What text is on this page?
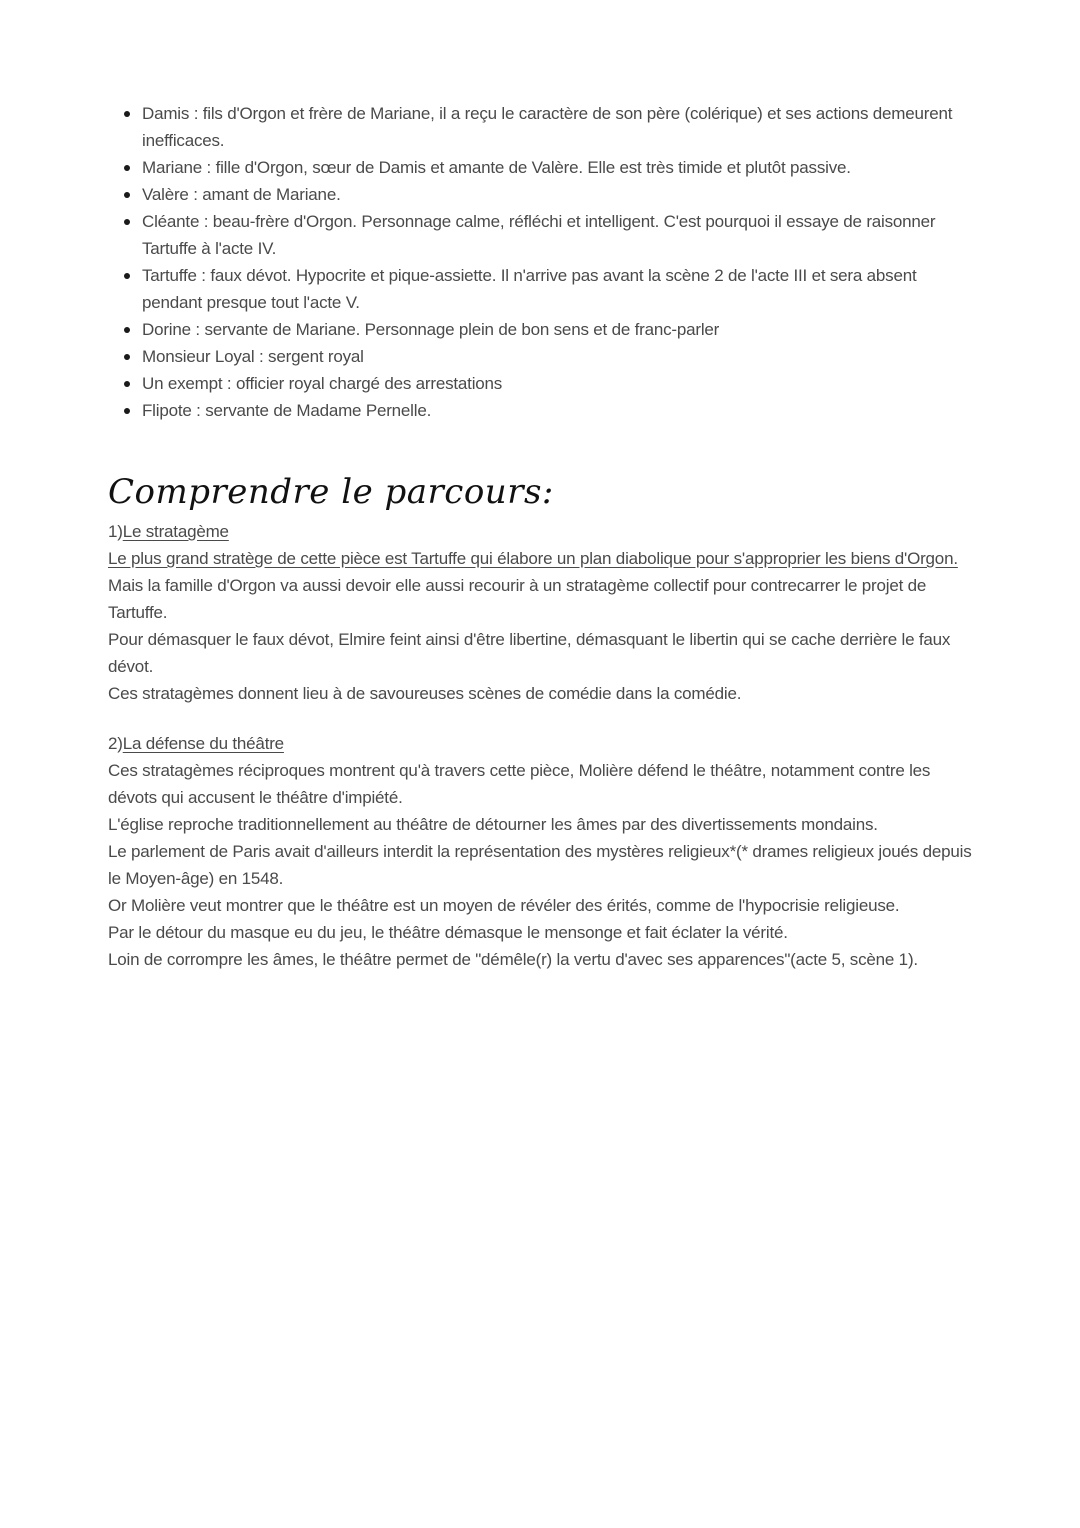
Damis : fils d'Orgon et frère de Mariane, il a reçu le caractère de son père (colérique) et ses actions demeurent inefficaces.
Mariane : fille d'Orgon, sœur de Damis et amante de Valère. Elle est très timide et plutôt passive.
Valère : amant de Mariane.
Cléante : beau-frère d'Orgon. Personnage calme, réfléchi et intelligent. C'est pourquoi il essaye de raisonner Tartuffe à l'acte IV.
Tartuffe : faux dévot. Hypocrite et pique-assiette. Il n'arrive pas avant la scène 2 de l'acte III et sera absent pendant presque tout l'acte V.
Dorine : servante de Mariane. Personnage plein de bon sens et de franc-parler
Monsieur Loyal : sergent royal
Un exempt : officier royal chargé des arrestations
Flipote : servante de Madame Pernelle.
Comprendre le parcours:
1)Le stratagème
Le plus grand stratège de cette pièce est Tartuffe qui élabore un plan diabolique pour s'approprier les biens d'Orgon.
Mais la famille d'Orgon va aussi devoir elle aussi recourir à un stratagème collectif pour contrecarrer le projet de Tartuffe.
Pour démasquer le faux dévot, Elmire feint ainsi d'être libertine, démasquant le libertin qui se cache derrière le faux dévot.
Ces stratagèmes donnent lieu à de savoureuses scènes de comédie dans la comédie.
2)La défense du théâtre
Ces stratagèmes réciproques montrent qu'à travers cette pièce, Molière défend le théâtre, notamment contre les dévots qui accusent le théâtre d'impiété.
L'église reproche traditionnellement au théâtre de détourner les âmes par des divertissements mondains.
Le parlement de Paris avait d'ailleurs interdit la représentation des mystères religieux*(* drames religieux joués depuis le Moyen-âge) en 1548.
Or Molière veut montrer que le théâtre est un moyen de révéler des érités, comme de l'hypocrisie religieuse.
Par le détour du masque eu du jeu, le théâtre démasque le mensonge et fait éclater la vérité.
Loin de corrompre les âmes, le théâtre permet de "démêle(r) la vertu d'avec ses apparences"(acte 5, scène 1).
